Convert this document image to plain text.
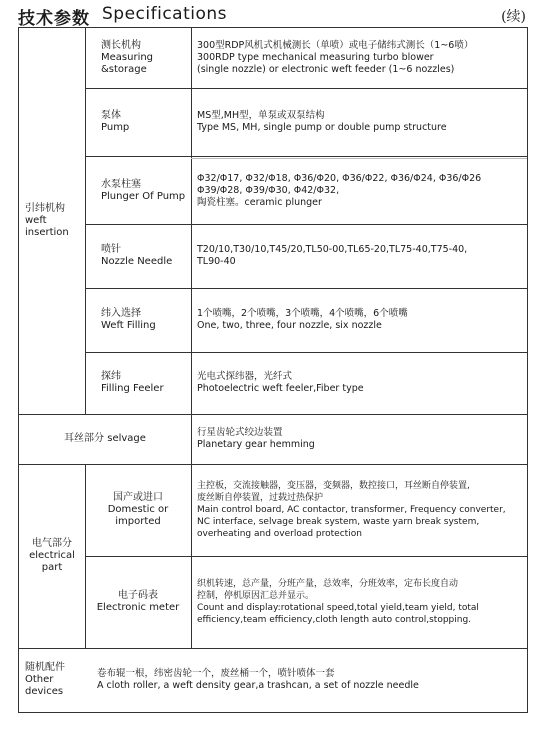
技术参数 Specifications	(续)
引纬机构
weft
insertion
测长机构
Measuring
&storage
300型RDP风机式机械测长（单喷）或电子储纬式测长（1~6喷）
300RDP type mechanical measuring turbo blower
(single nozzle) or electronic weft feeder (1~6 nozzles)
泵体
Pump
MS型,MH型，单泵或双泵结构
Type MS, MH, single pump or double pump structure
水泵柱塞
Plunger Of Pump
Φ32/Φ17, Φ32/Φ18, Φ36/Φ20, Φ36/Φ22, Φ36/Φ24, Φ36/Φ26
Φ39/Φ28, Φ39/Φ30, Φ42/Φ32,
陶瓷柱塞。ceramic plunger
喷针
Nozzle Needle
T20/10,T30/10,T45/20,TL50-00,TL65-20,TL75-40,T75-40,
TL90-40
纬入选择
Weft Filling
1个喷嘴，2个喷嘴，3个喷嘴，4个喷嘴，6个喷嘴
One, two, three, four nozzle, six nozzle
探纬
Filling Feeler
光电式探纬器，光纤式
Photoelectric weft feeler,Fiber type
耳丝部分 selvage
行星齿轮式绞边装置
Planetary gear hemming
电气部分
electrical
part
国产或进口
Domestic or
imported
主控板，交流接触器，变压器，变频器，数控接口，耳丝断自停装置,
废丝断自停装置，过载过热保护
Main control board, AC contactor, transformer, Frequency converter,
NC interface, selvage break system, waste yarn break system,
overheating and overload protection
电子码表
Electronic meter
织机转速，总产量，分班产量，总效率，分班效率，定布长度自动
控制，停机原因汇总并显示。
Count and display:rotational speed,total yield,team yield, total
efficiency,team efficiency,cloth length auto control,stopping.
随机配件
Other
devices
卷布辊一根，纬密齿轮一个，废丝桶一个，喷针喷体一套
A cloth roller, a weft density gear,a trashcan, a set of nozzle needle
